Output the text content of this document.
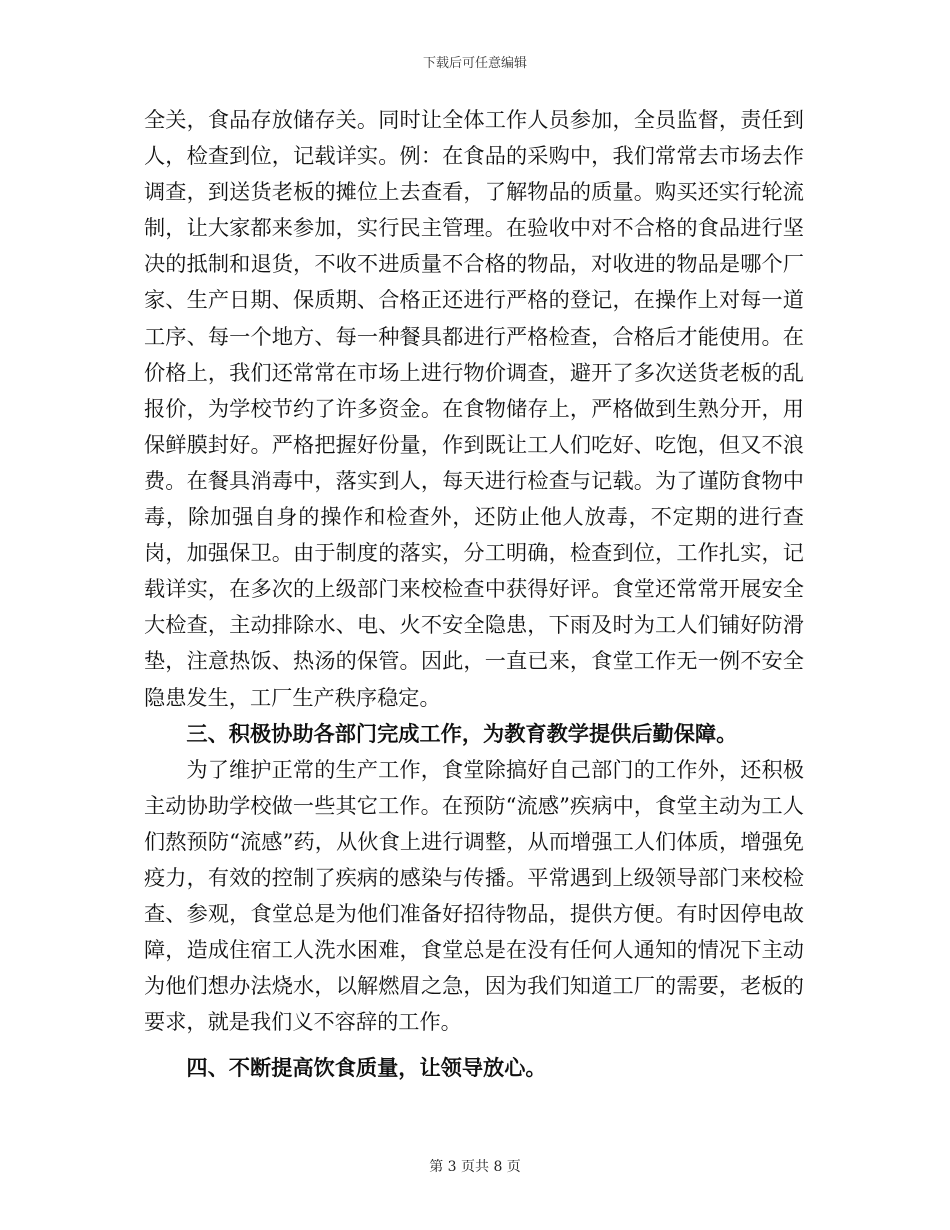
下载后可任意编辑

全关，食品存放储存关。同时让全体工作人员参加，全员监督，责任到人，检查到位，记载详实。例：在食品的采购中，我们常常去市场去作调查，到送货老板的摊位上去查看，了解物品的质量。购买还实行轮流制，让大家都来参加，实行民主管理。在验收中对不合格的食品进行坚决的抵制和退货，不收不进质量不合格的物品，对收进的物品是哪个厂家、生产日期、保质期、合格正还进行严格的登记，在操作上对每一道工序、每一个地方、每一种餐具都进行严格检查，合格后才能使用。在价格上，我们还常常在市场上进行物价调查，避开了多次送货老板的乱报价，为学校节约了许多资金。在食物储存上，严格做到生熟分开，用保鲜膜封好。严格把握好份量，作到既让工人们吃好、吃饱，但又不浪费。在餐具消毒中，落实到人，每天进行检查与记载。为了谨防食物中毒，除加强自身的操作和检查外，还防止他人放毒，不定期的进行查岗，加强保卫。由于制度的落实，分工明确，检查到位，工作扎实，记载详实，在多次的上级部门来校检查中获得好评。食堂还常常开展安全大检查，主动排除水、电、火不安全隐患，下雨及时为工人们铺好防滑垫，注意热饭、热汤的保管。因此，一直已来，食堂工作无一例不安全隐患发生，工厂生产秩序稳定。

三、积极协助各部门完成工作，为教育教学提供后勤保障。

为了维护正常的生产工作，食堂除搞好自己部门的工作外，还积极主动协助学校做一些其它工作。在预防“流感”疾病中，食堂主动为工人们熬预防“流感”药，从伙食上进行调整，从而增强工人们体质，增强免疫力，有效的控制了疾病的感染与传播。平常遇到上级领导部门来校检查、参观，食堂总是为他们准备好招待物品，提供方便。有时因停电故障，造成住宿工人洗水困难，食堂总是在没有任何人通知的情况下主动为他们想办法烧水，以解燃眉之急，因为我们知道工厂的需要，老板的要求，就是我们义不容辞的工作。

四、不断提高饮食质量，让领导放心。
第 3 页共 8 页
